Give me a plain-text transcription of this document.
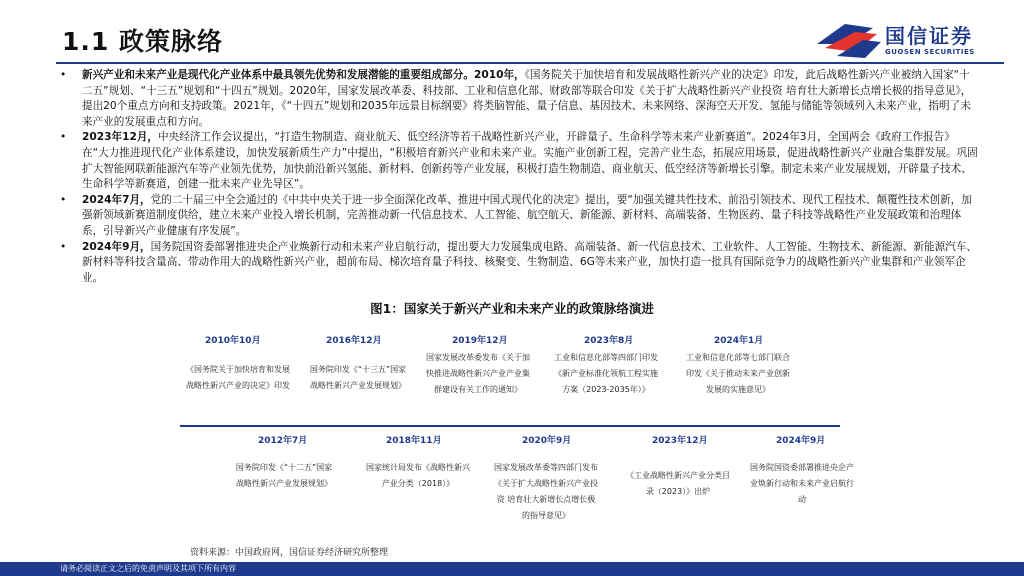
1.1 政策脉络	国信证券
GUOSEN SECURITIES
• 新兴产业和未来产业是现代化产业体系中最具领先优势和发展潜能的重要组成部分。2010年，《国务院关于加快培育和发展战略性新兴产业的决定》印发，此后战略性新兴产业被纳入国家“十二五”规划、“十三五”规划和“十四五”规划。2020年，国家发展改革委、科技部、工业和信息化部、财政部等联合印发《关于扩大战略性新兴产业投资 培育壮大新增长点增长极的指导意见》，提出20个重点方向和支持政策。2021年，《“十四五”规划和2035年远景目标纲要》将类脑智能、量子信息、基因技术、未来网络、深海空天开发、氢能与储能等领域列入未来产业，指明了未来产业的发展重点和方向。
• 2023年12月，中央经济工作会议提出，“打造生物制造、商业航天、低空经济等若干战略性新兴产业，开辟量子、生命科学等未来产业新赛道”。2024年3月，全国两会《政府工作报告》在“大力推进现代化产业体系建设，加快发展新质生产力”中提出，“积极培育新兴产业和未来产业。实施产业创新工程，完善产业生态，拓展应用场景，促进战略性新兴产业融合集群发展。巩固扩大智能网联新能源汽车等产业领先优势，加快前沿新兴氢能、新材料、创新药等产业发展，积极打造生物制造、商业航天、低空经济等新增长引擎。制定未来产业发展规划，开辟量子技术、生命科学等新赛道，创建一批未来产业先导区”。
• 2024年7月，党的二十届三中全会通过的《中共中央关于进一步全面深化改革、推进中国式现代化的决定》提出，要“加强关键共性技术、前沿引领技术、现代工程技术、颠覆性技术创新，加强新领域新赛道制度供给，建立未来产业投入增长机制，完善推动新一代信息技术、人工智能、航空航天、新能源、新材料、高端装备、生物医药、量子科技等战略性产业发展政策和治理体系，引导新兴产业健康有序发展”。
• 2024年9月，国务院国资委部署推进央企产业焕新行动和未来产业启航行动，提出要大力发展集成电路、高端装备、新一代信息技术、工业软件、人工智能、生物技术、新能源、新能源汽车、新材料等科技含量高、带动作用大的战略性新兴产业，超前布局、梯次培育量子科技、核聚变、生物制造、6G等未来产业，加快打造一批具有国际竞争力的战略性新兴产业集群和产业领军企业。
图1：国家关于新兴产业和未来产业的政策脉络演进
2010年10月
《国务院关于加快培育和发展战略性新兴产业的决定》印发
2016年12月
国务院印发《“十三五”国家战略性新兴产业发展规划》
2019年12月
国家发展改革委发布《关于加快推进战略性新兴产业产业集群建设有关工作的通知》
2023年8月
工业和信息化部等四部门印发《新产业标准化领航工程实施方案（2023-2035年）》
2024年1月
工业和信息化部等七部门联合印发《关于推动未来产业创新发展的实施意见》
2012年7月
国务院印发《“十二五”国家战略性新兴产业发展规划》
2018年11月
国家统计局发布《战略性新兴产业分类（2018）》
2020年9月
国家发展改革委等四部门发布《关于扩大战略性新兴产业投资 培育壮大新增长点增长极的指导意见》
2023年12月
《工业战略性新兴产业分类目录（2023）》出炉
2024年9月
国务院国资委部署推进央企产业焕新行动和未来产业启航行动
资料来源：中国政府网，国信证券经济研究所整理
请务必阅读正文之后的免责声明及其项下所有内容
